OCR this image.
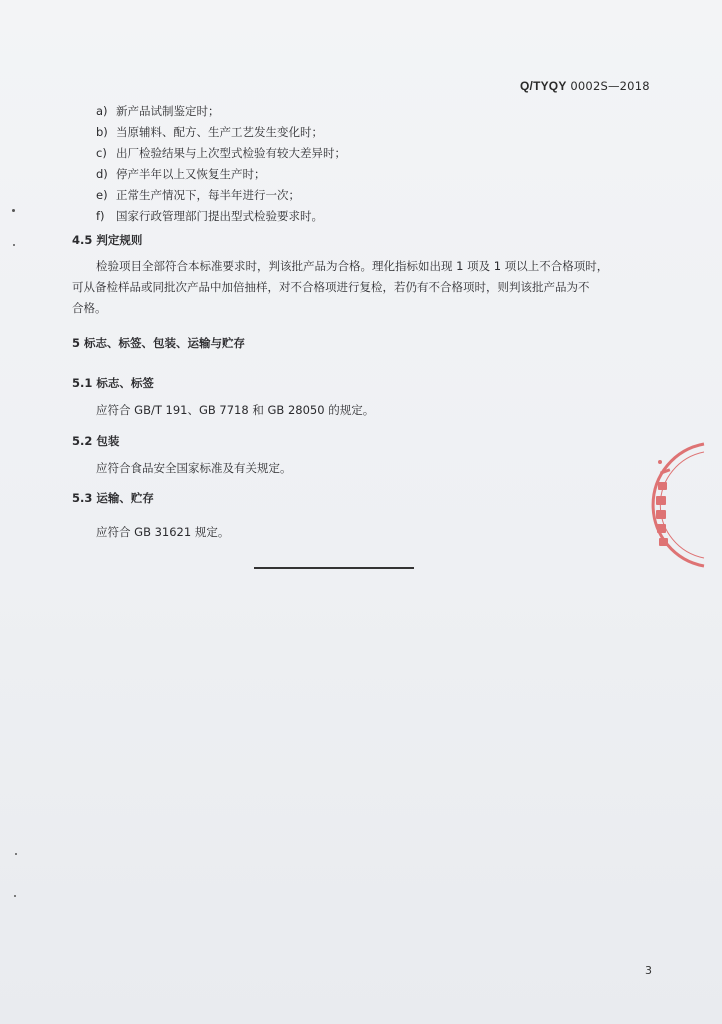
Q/TYQY 0002S—2018
a) 新产品试制鉴定时；
b) 当原辅料、配方、生产工艺发生变化时；
c) 出厂检验结果与上次型式检验有较大差异时；
d) 停产半年以上又恢复生产时；
e) 正常生产情况下，每半年进行一次；
f) 国家行政管理部门提出型式检验要求时。
4.5 判定规则
检验项目全部符合本标准要求时，判该批产品为合格。理化指标如出现 1 项及 1 项以上不合格项时，
可从备检样品或同批次产品中加倍抽样，对不合格项进行复检，若仍有不合格项时，则判该批产品为不
合格。
5 标志、标签、包装、运输与贮存
5.1 标志、标签
应符合 GB/T 191、GB 7718 和 GB 28050 的规定。
5.2 包装
应符合食品安全国家标准及有关规定。
5.3 运输、贮存
应符合 GB 31621 规定。
3
